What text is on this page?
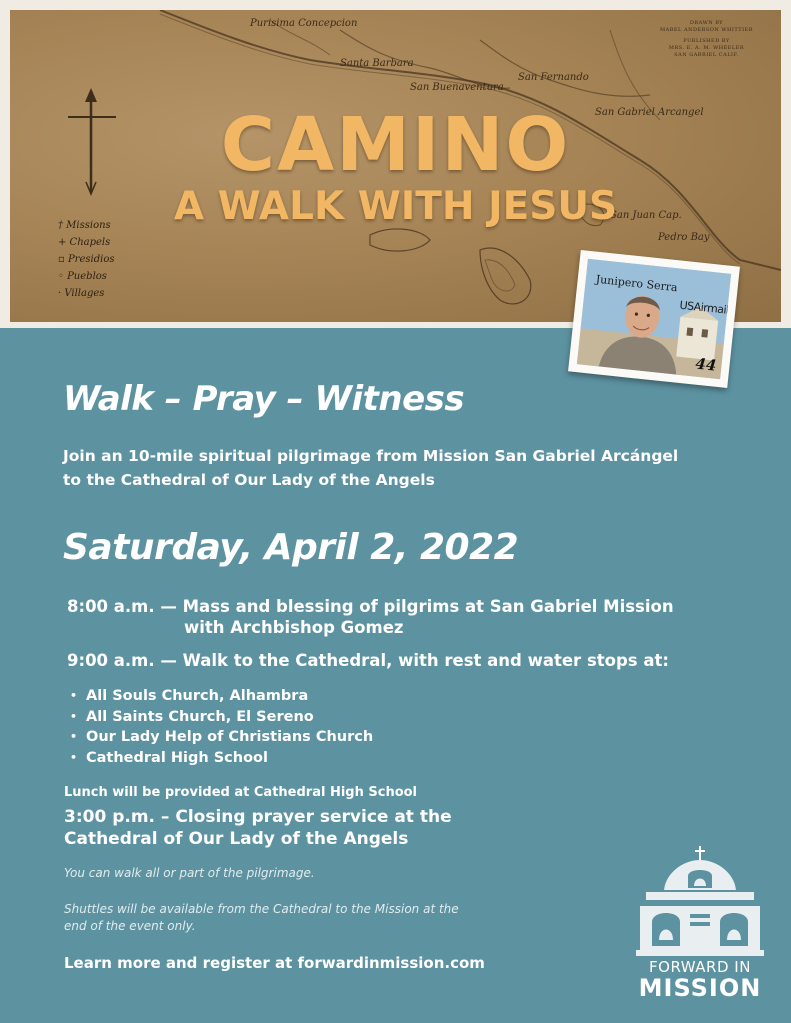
Purisima Concepcion
Santa Barbara
San Buenaventura
San Fernando
San Gabriel Arcangel
San Juan Cap.
Pedro Bay
DRAWN BY
MABEL ANDERSON WHITTIER
PUBLISHED BY
MRS. E. A. M. WHEELER
SAN GABRIEL CALIF.
† Missions
+ Chapels
▫ Presidios
◦ Pueblos
· Villages
CAMINO
A WALK WITH JESUS
Junipero Serra
USAirmail
44
Walk – Pray – Witness
Join an 10-mile spiritual pilgrimage from Mission San Gabriel Arcángel
to the Cathedral of Our Lady of the Angels
Saturday, April 2, 2022
8:00 a.m. — Mass and blessing of pilgrims at San Gabriel Mission
with Archbishop Gomez
9:00 a.m. — Walk to the Cathedral, with rest and water stops at:
• All Souls Church, Alhambra
• All Saints Church, El Sereno
• Our Lady Help of Christians Church
• Cathedral High School
Lunch will be provided at Cathedral High School
3:00 p.m. – Closing prayer service at the
Cathedral of Our Lady of the Angels
You can walk all or part of the pilgrimage.
Shuttles will be available from the Cathedral to the Mission at the
end of the event only.
Learn more and register at forwardinmission.com	FORWARD IN
MISSION
